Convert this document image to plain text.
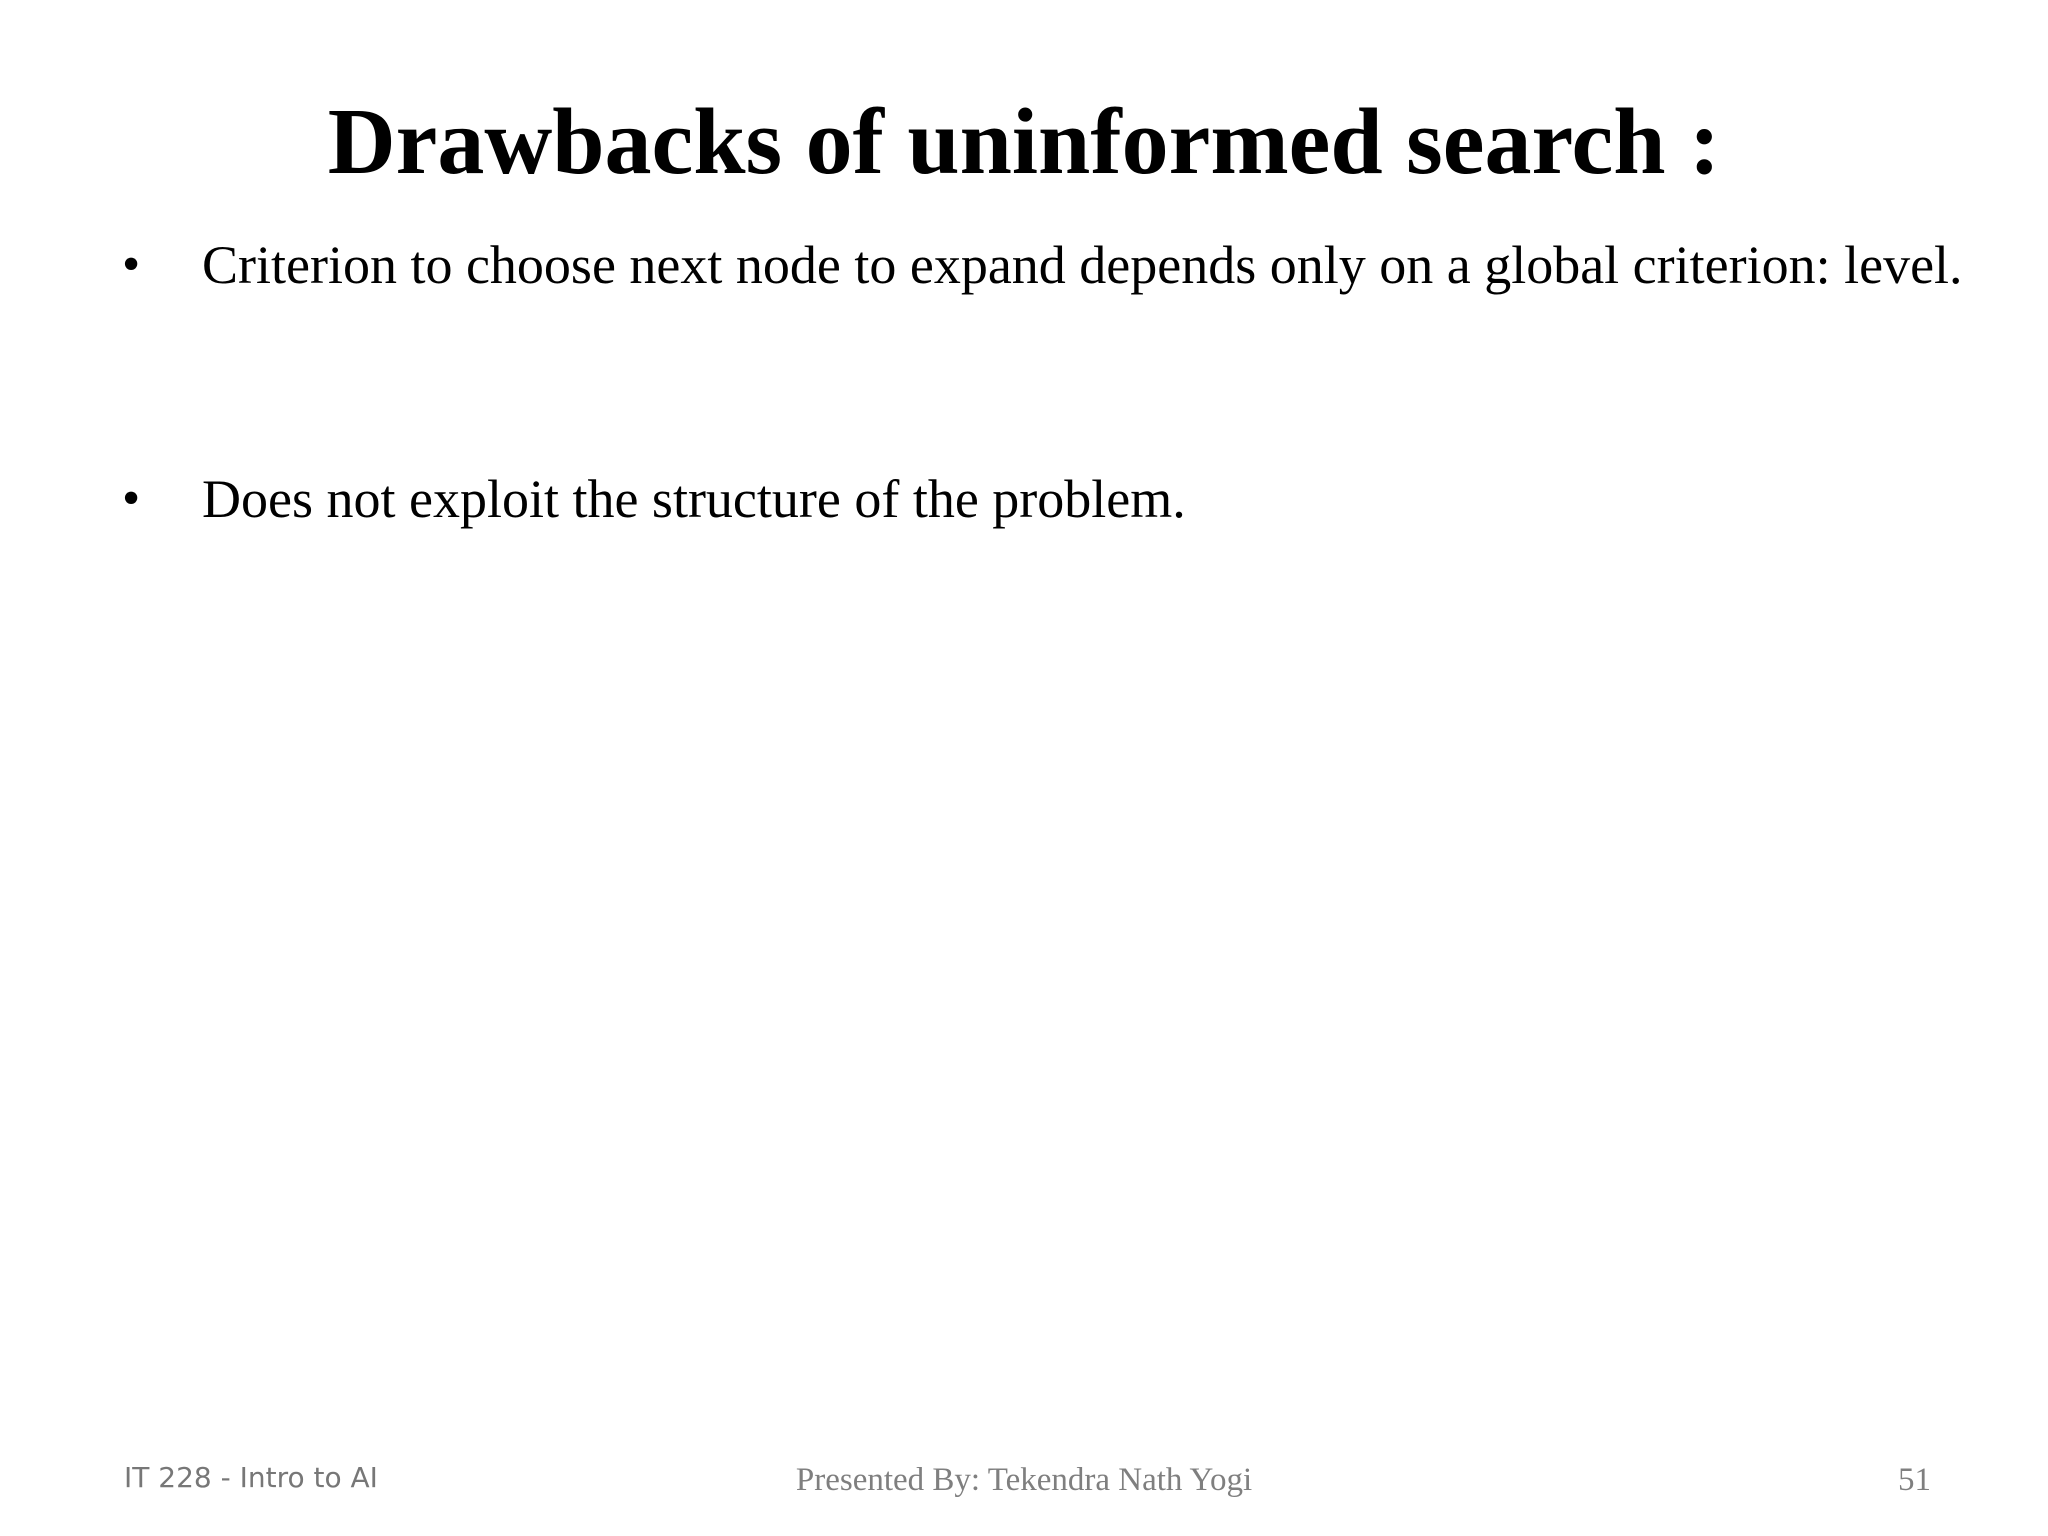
Drawbacks of uninformed search :
• Criterion to choose next node to expand depends only on a global criterion: level.
• Does not exploit the structure of the problem.
IT 228 - Intro to AI	Presented By: Tekendra Nath Yogi	51
